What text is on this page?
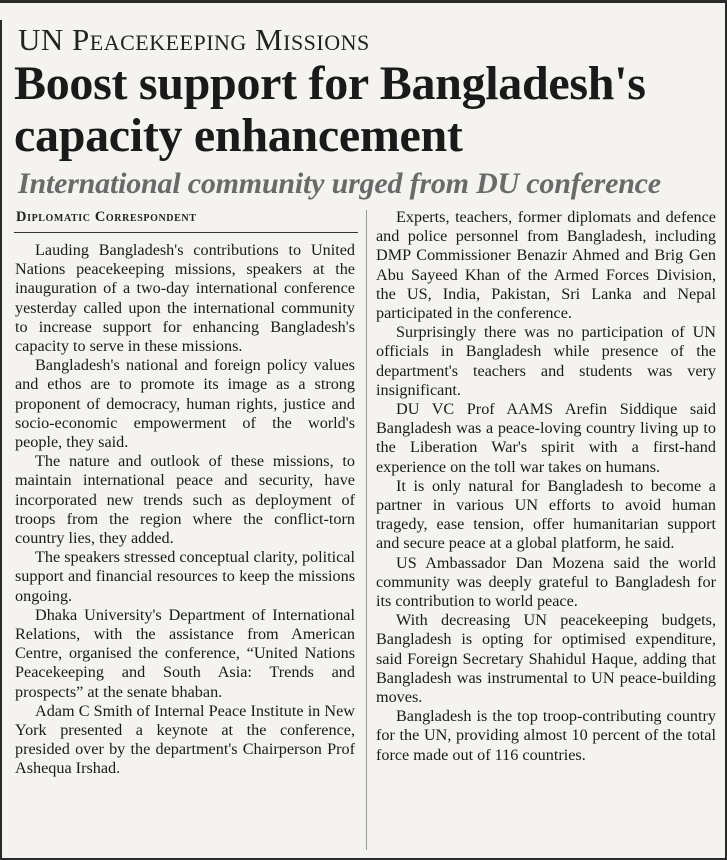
UN Peacekeeping Missions
Boost support for Bangladesh's capacity enhancement
International community urged from DU conference
Diplomatic Correspondent

Lauding Bangladesh's contributions to United Nations peacekeeping missions, speakers at the inauguration of a two-day international conference yesterday called upon the international community to increase support for enhancing Bangladesh's capacity to serve in these missions.

Bangladesh's national and foreign policy values and ethos are to promote its image as a strong proponent of democracy, human rights, justice and socio-economic empowerment of the world's people, they said.

The nature and outlook of these missions, to maintain international peace and security, have incorporated new trends such as deployment of troops from the region where the conflict-torn country lies, they added.

The speakers stressed conceptual clarity, political support and financial resources to keep the missions ongoing.

Dhaka University's Department of International Relations, with the assistance from American Centre, organised the conference, “United Nations Peacekeeping and South Asia: Trends and prospects” at the senate bhaban.

Adam C Smith of Internal Peace Institute in New York presented a keynote at the conference, presided over by the department's Chairperson Prof Ashequa Irshad.

Experts, teachers, former diplomats and defence and police personnel from Bangladesh, including DMP Commissioner Benazir Ahmed and Brig Gen Abu Sayeed Khan of the Armed Forces Division, the US, India, Pakistan, Sri Lanka and Nepal participated in the conference.

Surprisingly there was no participation of UN officials in Bangladesh while presence of the department's teachers and students was very insignificant.

DU VC Prof AAMS Arefin Siddique said Bangladesh was a peace-loving country living up to the Liberation War's spirit with a first-hand experience on the toll war takes on humans.

It is only natural for Bangladesh to become a partner in various UN efforts to avoid human tragedy, ease tension, offer humanitarian support and secure peace at a global platform, he said.

US Ambassador Dan Mozena said the world community was deeply grateful to Bangladesh for its contribution to world peace.

With decreasing UN peacekeeping budgets, Bangladesh is opting for optimised expenditure, said Foreign Secretary Shahidul Haque, adding that Bangladesh was instrumental to UN peace-building moves.

Bangladesh is the top troop-contributing country for the UN, providing almost 10 percent of the total force made out of 116 countries.
